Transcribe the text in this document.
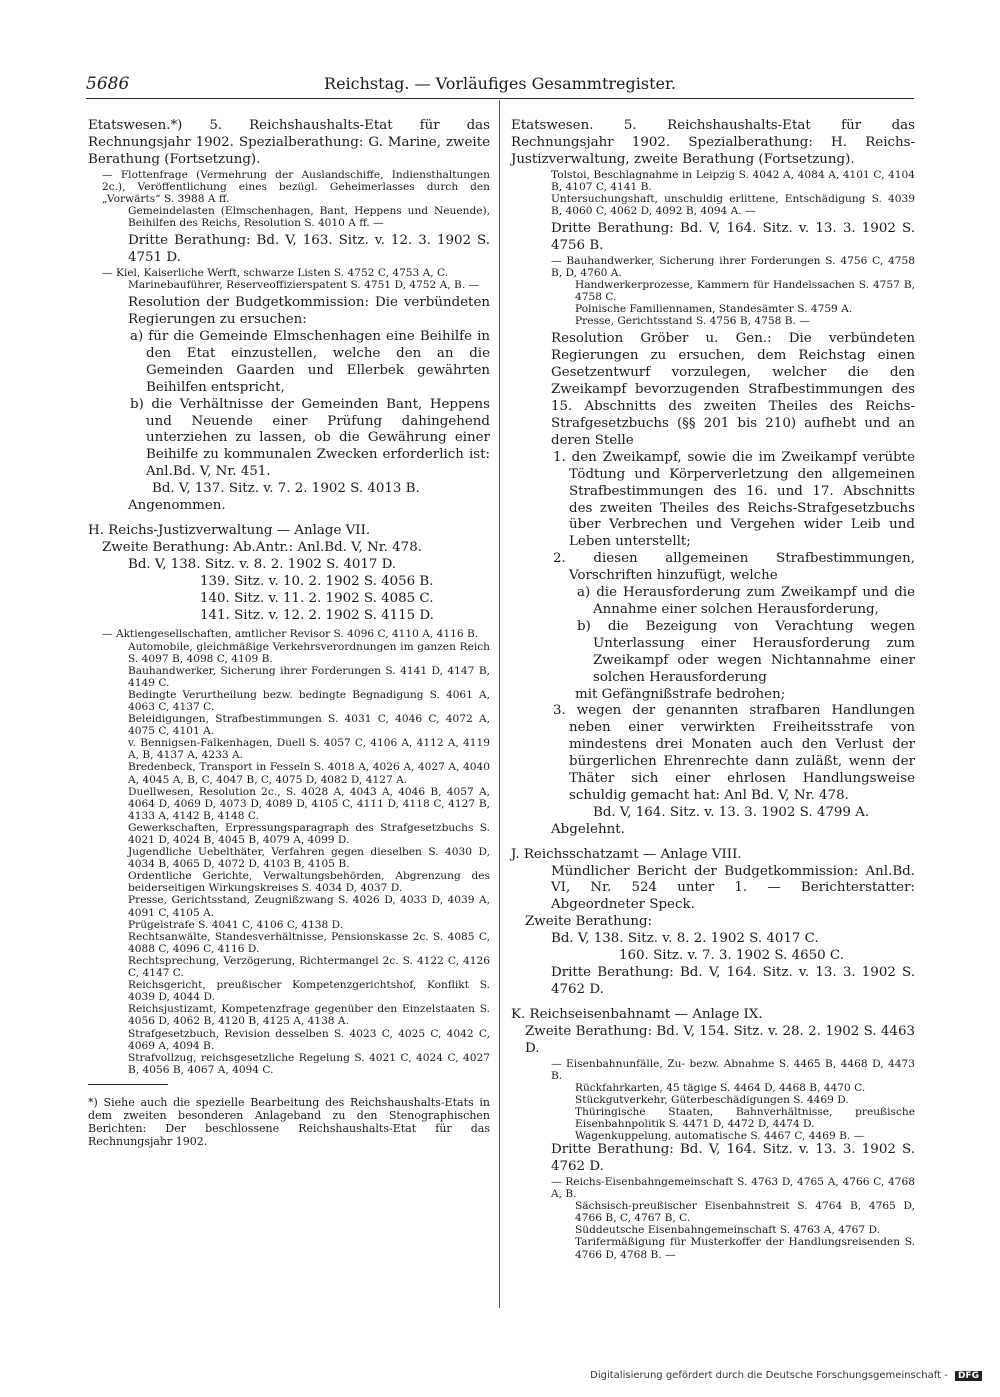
5686	Reichstag. — Vorläufiges Gesammtregister.

Etatswesen.*) 5. Reichshaushalts-Etat für das Rechnungsjahr 1902. Spezialberathung: G. Marine, zweite Berathung (Fortsetzung).

— Flottenfrage (Vermehrung der Auslandschiffe, Indiensthaltungen 2c.), Veröffentlichung eines bezügl. Geheimerlasses durch den „Vorwärts“ S. 3988 A ff.

Gemeindelasten (Elmschenhagen, Bant, Heppens und Neuende), Beihilfen des Reichs, Resolution S. 4010 A ff. —

Dritte Berathung: Bd. V, 163. Sitz. v. 12. 3. 1902 S. 4751 D.

— Kiel, Kaiserliche Werft, schwarze Listen S. 4752 C, 4753 A, C.

Marinebauführer, Reserveoffizierspatent S. 4751 D, 4752 A, B. —

Resolution der Budgetkommission: Die verbündeten Regierungen zu ersuchen:

a) für die Gemeinde Elmschenhagen eine Beihilfe in den Etat einzustellen, welche den an die Gemeinden Gaarden und Ellerbek gewährten Beihilfen entspricht,

b) die Verhältnisse der Gemeinden Bant, Heppens und Neuende einer Prüfung dahingehend unterziehen zu lassen, ob die Gewährung einer Beihilfe zu kommunalen Zwecken erforderlich ist: Anl.Bd. V, Nr. 451.

Bd. V, 137. Sitz. v. 7. 2. 1902 S. 4013 B.

Angenommen.

H. Reichs-Justizverwaltung — Anlage VII.

Zweite Berathung: Ab.Antr.: Anl.Bd. V, Nr. 478.

Bd. V, 138. Sitz. v. 8. 2. 1902 S. 4017 D.

139. Sitz. v. 10. 2. 1902 S. 4056 B.

140. Sitz. v. 11. 2. 1902 S. 4085 C.

141. Sitz. v. 12. 2. 1902 S. 4115 D.

— Aktiengesellschaften, amtlicher Revisor S. 4096 C, 4110 A, 4116 B.

Automobile, gleichmäßige Verkehrsverordnungen im ganzen Reich S. 4097 B, 4098 C, 4109 B.

Bauhandwerker, Sicherung ihrer Forderungen S. 4141 D, 4147 B, 4149 C.

Bedingte Verurtheilung bezw. bedingte Begnadigung S. 4061 A, 4063 C, 4137 C.

Beleidigungen, Strafbestimmungen S. 4031 C, 4046 C, 4072 A, 4075 C, 4101 A.

v. Bennigsen-Falkenhagen, Duell S. 4057 C, 4106 A, 4112 A, 4119 A, B, 4137 A, 4233 A.

Bredenbeck, Transport in Fesseln S. 4018 A, 4026 A, 4027 A, 4040 A, 4045 A, B, C, 4047 B, C, 4075 D, 4082 D, 4127 A.

Duellwesen, Resolution 2c., S. 4028 A, 4043 A, 4046 B, 4057 A, 4064 D, 4069 D, 4073 D, 4089 D, 4105 C, 4111 D, 4118 C, 4127 B, 4133 A, 4142 B, 4148 C.

Gewerkschaften, Erpressungsparagraph des Strafgesetzbuchs S. 4021 D, 4024 B, 4045 B, 4079 A, 4099 D.

Jugendliche Uebelthäter, Verfahren gegen dieselben S. 4030 D, 4034 B, 4065 D, 4072 D, 4103 B, 4105 B.

Ordentliche Gerichte, Verwaltungsbehörden, Abgrenzung des beiderseitigen Wirkungskreises S. 4034 D, 4037 D.

Presse, Gerichtsstand, Zeugnißzwang S. 4026 D, 4033 D, 4039 A, 4091 C, 4105 A.

Prügelstrafe S. 4041 C, 4106 C, 4138 D.

Rechtsanwälte, Standesverhältnisse, Pensionskasse 2c. S. 4085 C, 4088 C, 4096 C, 4116 D.

Rechtsprechung, Verzögerung, Richtermangel 2c. S. 4122 C, 4126 C, 4147 C.

Reichsgericht, preußischer Kompetenzgerichtshof, Konflikt S. 4039 D, 4044 D.

Reichsjustizamt, Kompetenzfrage gegenüber den Einzelstaaten S. 4056 D, 4062 B, 4120 B, 4125 A, 4138 A.

Strafgesetzbuch, Revision desselben S. 4023 C, 4025 C, 4042 C, 4069 A, 4094 B.

Strafvollzug, reichsgesetzliche Regelung S. 4021 C, 4024 C, 4027 B, 4056 B, 4067 A, 4094 C.

*) Siehe auch die spezielle Bearbeitung des Reichshaushalts-Etats in dem zweiten besonderen Anlageband zu den Stenographischen Berichten: Der beschlossene Reichshaushalts-Etat für das Rechnungsjahr 1902.

Etatswesen. 5. Reichshaushalts-Etat für das Rechnungsjahr 1902. Spezialberathung: H. Reichs-Justizverwaltung, zweite Berathung (Fortsetzung).

Tolstoi, Beschlagnahme in Leipzig S. 4042 A, 4084 A, 4101 C, 4104 B, 4107 C, 4141 B.

Untersuchungshaft, unschuldig erlittene, Entschädigung S. 4039 B, 4060 C, 4062 D, 4092 B, 4094 A. —

Dritte Berathung: Bd. V, 164. Sitz. v. 13. 3. 1902 S. 4756 B.

— Bauhandwerker, Sicherung ihrer Forderungen S. 4756 C, 4758 B, D, 4760 A.

Handwerkerprozesse, Kammern für Handelssachen S. 4757 B, 4758 C.

Polnische Familiennamen, Standesämter S. 4759 A.

Presse, Gerichtsstand S. 4756 B, 4758 B. —

Resolution Gröber u. Gen.: Die verbündeten Regierungen zu ersuchen, dem Reichstag einen Gesetzentwurf vorzulegen, welcher die den Zweikampf bevorzugenden Strafbestimmungen des 15. Abschnitts des zweiten Theiles des Reichs-Strafgesetzbuchs (§§ 201 bis 210) aufhebt und an deren Stelle

1. den Zweikampf, sowie die im Zweikampf verübte Tödtung und Körperverletzung den allgemeinen Strafbestimmungen des 16. und 17. Abschnitts des zweiten Theiles des Reichs-Strafgesetzbuchs über Verbrechen und Vergehen wider Leib und Leben unterstellt;

2. diesen allgemeinen Strafbestimmungen, Vorschriften hinzufügt, welche

a) die Herausforderung zum Zweikampf und die Annahme einer solchen Herausforderung,

b) die Bezeigung von Verachtung wegen Unterlassung einer Herausforderung zum Zweikampf oder wegen Nichtannahme einer solchen Herausforderung

mit Gefängnißstrafe bedrohen;

3. wegen der genannten strafbaren Handlungen neben einer verwirkten Freiheitsstrafe von mindestens drei Monaten auch den Verlust der bürgerlichen Ehrenrechte dann zuläßt, wenn der Thäter sich einer ehrlosen Handlungsweise schuldig gemacht hat: Anl Bd. V, Nr. 478.

Bd. V, 164. Sitz. v. 13. 3. 1902 S. 4799 A.

Abgelehnt.

J. Reichsschatzamt — Anlage VIII.

Mündlicher Bericht der Budgetkommission: Anl.Bd. VI, Nr. 524 unter 1. — Berichterstatter: Abgeordneter Speck.

Zweite Berathung:

Bd. V, 138. Sitz. v. 8. 2. 1902 S. 4017 C.

160. Sitz. v. 7. 3. 1902 S. 4650 C.

Dritte Berathung: Bd. V, 164. Sitz. v. 13. 3. 1902 S. 4762 D.

K. Reichseisenbahnamt — Anlage IX.

Zweite Berathung: Bd. V, 154. Sitz. v. 28. 2. 1902 S. 4463 D.

— Eisenbahnunfälle, Zu- bezw. Abnahme S. 4465 B, 4468 D, 4473 B.

Rückfahrkarten, 45 tägige S. 4464 D, 4468 B, 4470 C.

Stückgutverkehr, Güterbeschädigungen S. 4469 D.

Thüringische Staaten, Bahnverhältnisse, preußische Eisenbahnpolitik S. 4471 D, 4472 D, 4474 D.

Wagenkuppelung, automatische S. 4467 C, 4469 B. —

Dritte Berathung: Bd. V, 164. Sitz. v. 13. 3. 1902 S. 4762 D.

— Reichs-Eisenbahngemeinschaft S. 4763 D, 4765 A, 4766 C, 4768 A, B.

Sächsisch-preußischer Eisenbahnstreit S. 4764 B, 4765 D, 4766 B, C, 4767 B, C.

Süddeutsche Eisenbahngemeinschaft S. 4763 A, 4767 D.

Tarifermäßigung für Musterkoffer der Handlungsreisenden S. 4766 D, 4768 B. —

Digitalisierung gefördert durch die Deutsche Forschungsgemeinschaft - DFG
